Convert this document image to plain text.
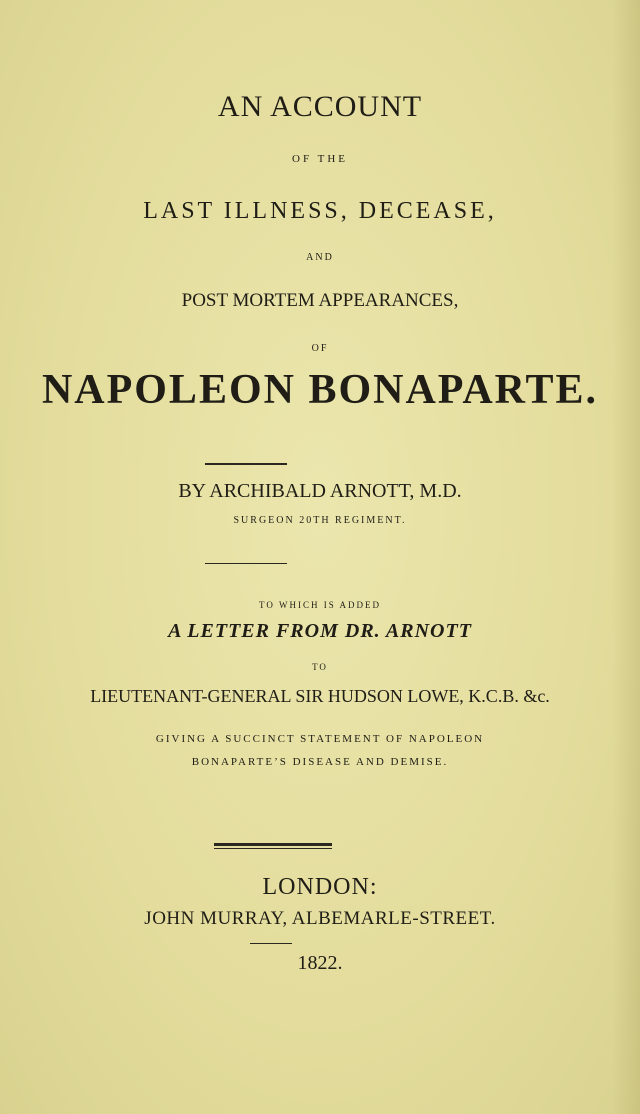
AN ACCOUNT
OF THE
LAST ILLNESS, DECEASE,
AND
POST MORTEM APPEARANCES,
OF
NAPOLEON BONAPARTE.
BY ARCHIBALD ARNOTT, M.D.
SURGEON 20TH REGIMENT.
TO WHICH IS ADDED
A LETTER FROM DR. ARNOTT
TO
LIEUTENANT-GENERAL SIR HUDSON LOWE, K.C.B. &c.
GIVING A SUCCINCT STATEMENT OF NAPOLEON
BONAPARTE’S DISEASE AND DEMISE.
LONDON:
JOHN MURRAY, ALBEMARLE-STREET.
1822.
